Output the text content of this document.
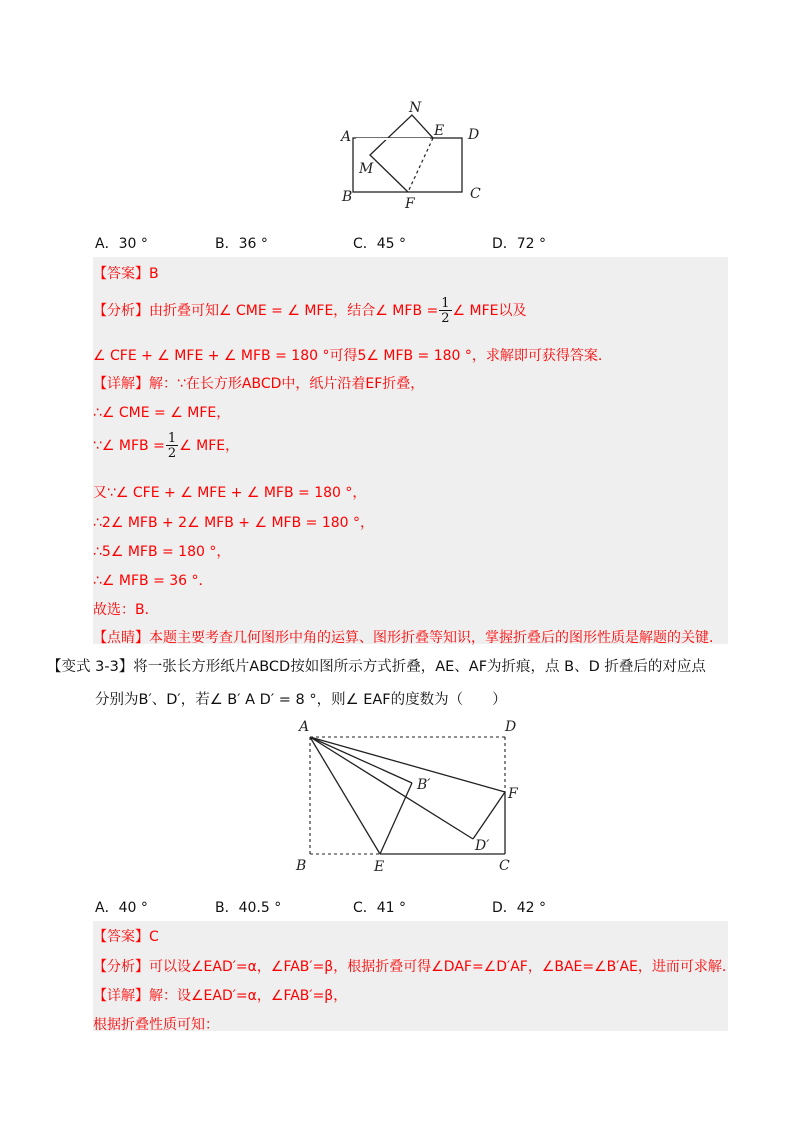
N
A	E D
M
B	F
C
A．30 °	B．36 °	C．45 °	D．72 °
【答案】B
【分析】由折叠可知∠ CME = ∠ MFE，结合∠ MFB = $\frac{1}{2}$ ∠ MFE以及
∠ CFE + ∠ MFE + ∠ MFB = 180 °可得5∠ MFB = 180 °，求解即可获得答案.
【详解】解：∵在长方形ABCD中，纸片沿着EF折叠，
∴∠ CME = ∠ MFE，
∵∠ MFB = $\frac{1}{2}$ ∠ MFE，
又∵∠ CFE + ∠ MFE + ∠ MFB = 180 °，
∴2∠ MFB + 2∠ MFB + ∠ MFB = 180 °，
∴5∠ MFB = 180 °，
∴∠ MFB = 36 °．
故选：B．
【点睛】本题主要考查几何图形中角的运算、图形折叠等知识，掌握折叠后的图形性质是解题的关键.
【变式 3-3】将一张长方形纸片ABCD按如图所示方式折叠，AE、AF为折痕，点 B、D 折叠后的对应点
分别为B′、D′，若∠ B′ A D′ = 8 °，则∠ EAF的度数为（　　）
A	D
B′
F
D′
B	E	C
A．40 °	B．40.5 °	C．41 °	D．42 °
【答案】C
【分析】可以设∠EAD′=α，∠FAB′=β，根据折叠可得∠DAF=∠D′AF，∠BAE=∠B′AE，进而可求解.
【详解】解：设∠EAD′=α，∠FAB′=β，
根据折叠性质可知：
